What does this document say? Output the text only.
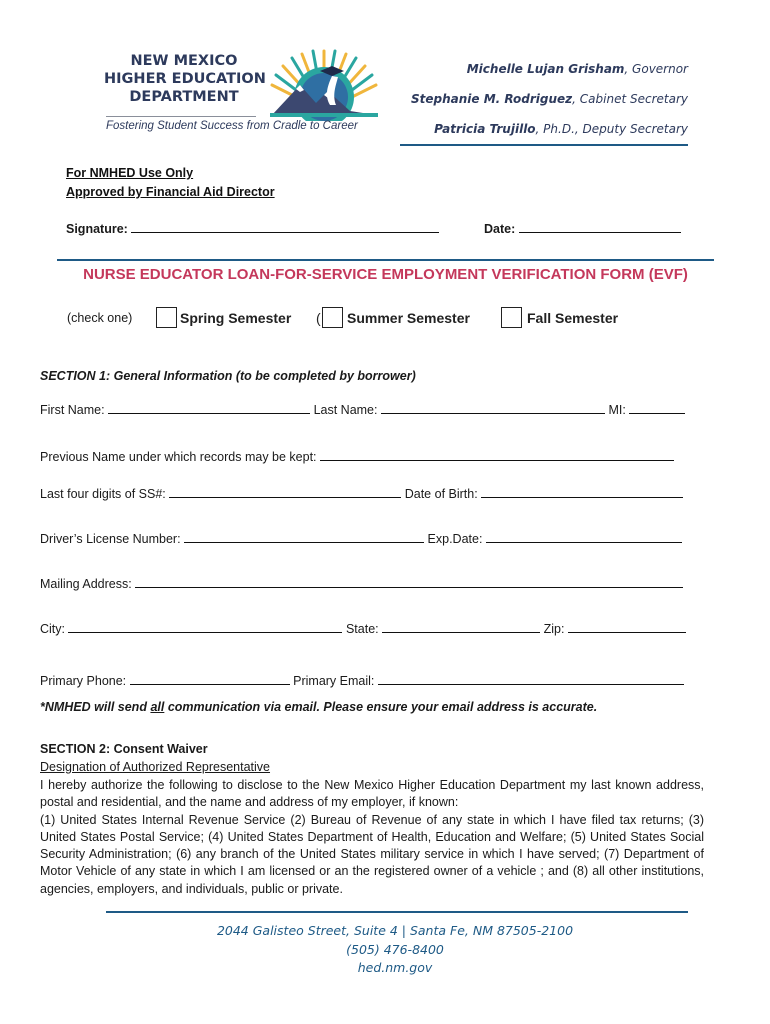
NEW MEXICO
HIGHER EDUCATION
DEPARTMENT
Fostering Student Success from Cradle to Career
Michelle Lujan Grisham, Governor
Stephanie M. Rodriguez, Cabinet Secretary
Patricia Trujillo, Ph.D., Deputy Secretary
For NMHED Use Only
Approved by Financial Aid Director
Signature:	Date:
NURSE EDUCATOR LOAN-FOR-SERVICE EMPLOYMENT VERIFICATION FORM (EVF)
(check one)	Spring Semester ( Summer Semester	Fall Semester
SECTION 1: General Information (to be completed by borrower)
First Name:	Last Name:	MI:
Previous Name under which records may be kept:
Last four digits of SS#:	Date of Birth:
Driver’s License Number:	Exp.Date:
Mailing Address:
City:	State:	Zip:
Primary Phone:	Primary Email:
*NMHED will send all communication via email. Please ensure your email address is accurate.
SECTION 2: Consent Waiver
Designation of Authorized Representative
I hereby authorize the following to disclose to the New Mexico Higher Education Department my last known address, postal and residential, and the name and address of my employer, if known:
(1) United States Internal Revenue Service (2) Bureau of Revenue of any state in which I have filed tax returns; (3) United States Postal Service; (4) United States Department of Health, Education and Welfare; (5) United States Social Security Administration; (6) any branch of the United States military service in which I have served; (7) Department of Motor Vehicle of any state in which I am licensed or an the registered owner of a vehicle ; and (8) all other institutions, agencies, employers, and individuals, public or private.
2044 Galisteo Street, Suite 4 | Santa Fe, NM 87505-2100
(505) 476-8400
hed.nm.gov
